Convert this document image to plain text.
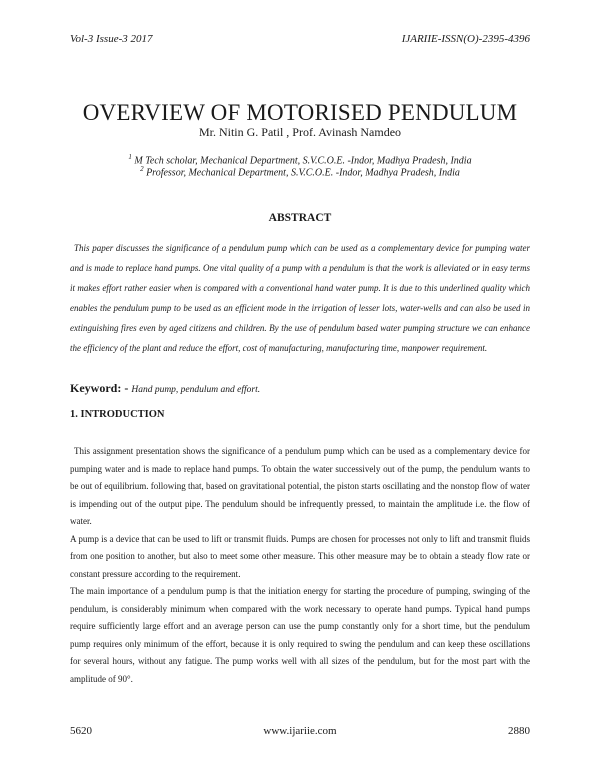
Vol-3 Issue-3 2017	IJARIIE-ISSN(O)-2395-4396
OVERVIEW OF MOTORISED PENDULUM
Mr. Nitin G. Patil , Prof. Avinash Namdeo
$^1$ M Tech scholar, Mechanical Department, S.V.C.O.E. -Indor, Madhya Pradesh, India
$^2$ Professor, Mechanical Department, S.V.C.O.E. -Indor, Madhya Pradesh, India
ABSTRACT
This paper discusses the significance of a pendulum pump which can be used as a complementary device for pumping water and is made to replace hand pumps. One vital quality of a pump with a pendulum is that the work is alleviated or in easy terms it makes effort rather easier when is compared with a conventional hand water pump. It is due to this underlined quality which enables the pendulum pump to be used as an efficient mode in the irrigation of lesser lots, water-wells and can also be used in extinguishing fires even by aged citizens and children. By the use of pendulum based water pumping structure we can enhance the efficiency of the plant and reduce the effort, cost of manufacturing, manufacturing time, manpower requirement.
Keyword: - Hand pump, pendulum and effort.
1. INTRODUCTION

This assignment presentation shows the significance of a pendulum pump which can be used as a complementary device for pumping water and is made to replace hand pumps. To obtain the water successively out of the pump, the pendulum wants to be out of equilibrium. following that, based on gravitational potential, the piston starts oscillating and the nonstop flow of water is impending out of the output pipe. The pendulum should be infrequently pressed, to maintain the amplitude i.e. the flow of water.

A pump is a device that can be used to lift or transmit fluids. Pumps are chosen for processes not only to lift and transmit fluids from one position to another, but also to meet some other measure. This other measure may be to obtain a steady flow rate or constant pressure according to the requirement.

The main importance of a pendulum pump is that the initiation energy for starting the procedure of pumping, swinging of the pendulum, is considerably minimum when compared with the work necessary to operate hand pumps. Typical hand pumps require sufficiently large effort and an average person can use the pump constantly only for a short time, but the pendulum pump requires only minimum of the effort, because it is only required to swing the pendulum and can keep these oscillations for several hours, without any fatigue. The pump works well with all sizes of the pendulum, but for the most part with the amplitude of 90°.

5620	www.ijariie.com	2880
